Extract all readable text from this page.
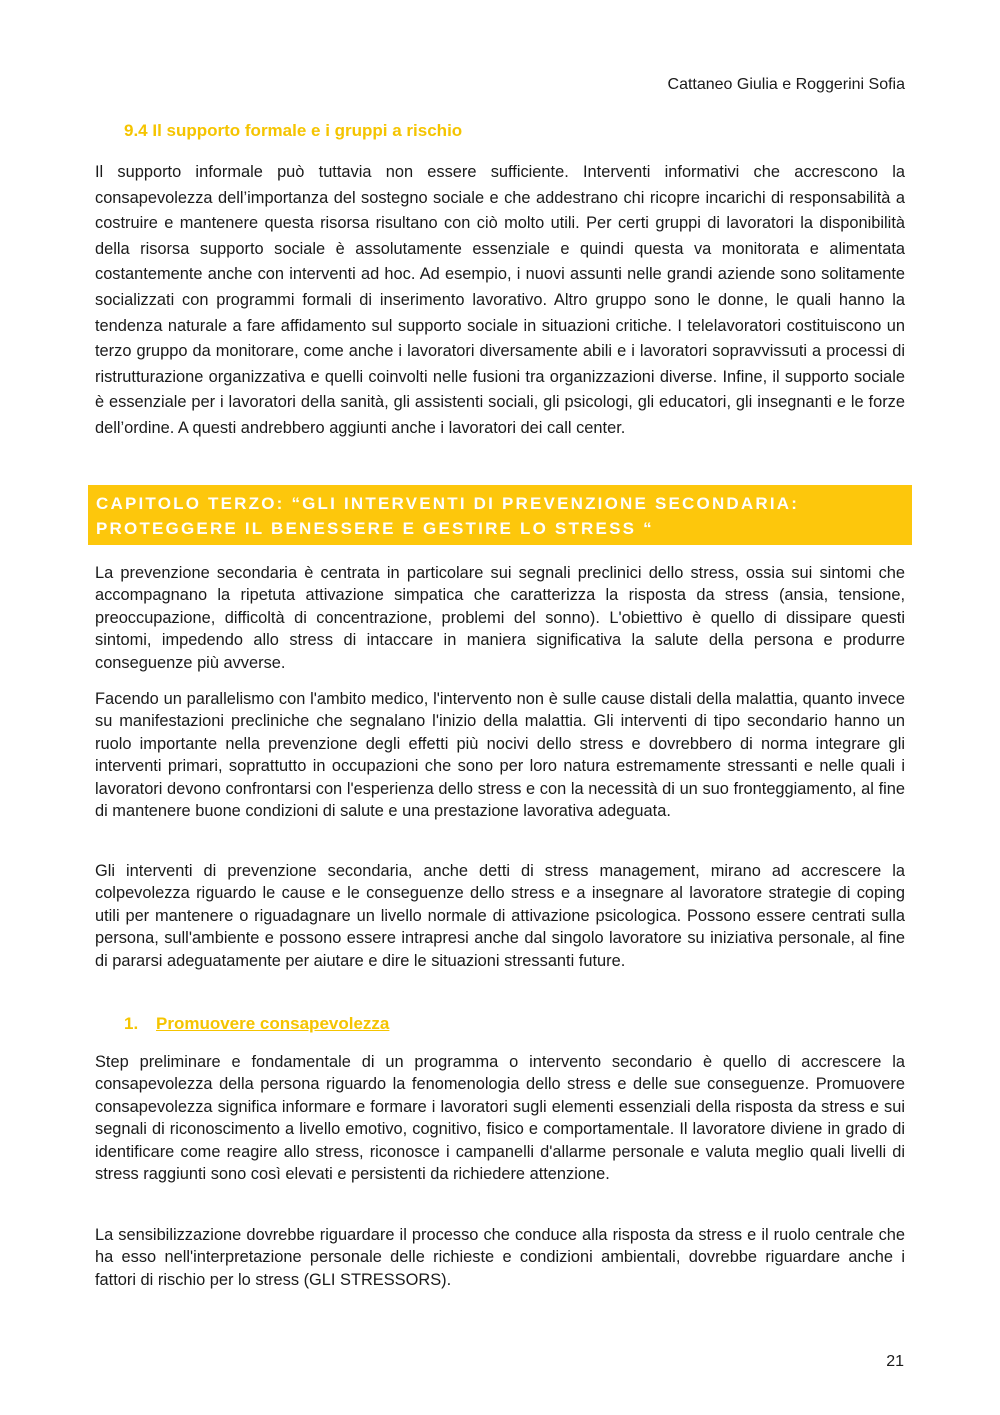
Cattaneo Giulia e Roggerini Sofia
9.4 Il supporto formale e i gruppi a rischio

Il supporto informale può tuttavia non essere sufficiente. Interventi informativi che accrescono la consapevolezza dell’importanza del sostegno sociale e che addestrano chi ricopre incarichi di responsabilità a costruire e mantenere questa risorsa risultano con ciò molto utili. Per certi gruppi di lavoratori la disponibilità della risorsa supporto sociale è assolutamente essenziale e quindi questa va monitorata e alimentata costantemente anche con interventi ad hoc. Ad esempio, i nuovi assunti nelle grandi aziende sono solitamente socializzati con programmi formali di inserimento lavorativo. Altro gruppo sono le donne, le quali hanno la tendenza naturale a fare affidamento sul supporto sociale in situazioni critiche. I telelavoratori costituiscono un terzo gruppo da monitorare, come anche i lavoratori diversamente abili e i lavoratori sopravvissuti a processi di ristrutturazione organizzativa e quelli coinvolti nelle fusioni tra organizzazioni diverse. Infine, il supporto sociale è essenziale per i lavoratori della sanità, gli assistenti sociali, gli psicologi, gli educatori, gli insegnanti e le forze dell’ordine. A questi andrebbero aggiunti anche i lavoratori dei call center.

CAPITOLO TERZO: “GLI INTERVENTI DI PREVENZIONE SECONDARIA:
PROTEGGERE IL BENESSERE E GESTIRE LO STRESS “

La prevenzione secondaria è centrata in particolare sui segnali preclinici dello stress, ossia sui sintomi che accompagnano la ripetuta attivazione simpatica che caratterizza la risposta da stress (ansia, tensione, preoccupazione, difficoltà di concentrazione, problemi del sonno). L'obiettivo è quello di dissipare questi sintomi, impedendo allo stress di intaccare in maniera significativa la salute della persona e produrre conseguenze più avverse.

Facendo un parallelismo con l'ambito medico, l'intervento non è sulle cause distali della malattia, quanto invece su manifestazioni precliniche che segnalano l'inizio della malattia. Gli interventi di tipo secondario hanno un ruolo importante nella prevenzione degli effetti più nocivi dello stress e dovrebbero di norma integrare gli interventi primari, soprattutto in occupazioni che sono per loro natura estremamente stressanti e nelle quali i lavoratori devono confrontarsi con l'esperienza dello stress e con la necessità di un suo fronteggiamento, al fine di mantenere buone condizioni di salute e una prestazione lavorativa adeguata.

Gli interventi di prevenzione secondaria, anche detti di stress management, mirano ad accrescere la colpevolezza riguardo le cause e le conseguenze dello stress e a insegnare al lavoratore strategie di coping utili per mantenere o riguadagnare un livello normale di attivazione psicologica. Possono essere centrati sulla persona, sull'ambiente e possono essere intrapresi anche dal singolo lavoratore su iniziativa personale, al fine di pararsi adeguatamente per aiutare e dire le situazioni stressanti future.

1. Promuovere consapevolezza

Step preliminare e fondamentale di un programma o intervento secondario è quello di accrescere la consapevolezza della persona riguardo la fenomenologia dello stress e delle sue conseguenze. Promuovere consapevolezza significa informare e formare i lavoratori sugli elementi essenziali della risposta da stress e sui segnali di riconoscimento a livello emotivo, cognitivo, fisico e comportamentale. Il lavoratore diviene in grado di identificare come reagire allo stress, riconosce i campanelli d'allarme personale e valuta meglio quali livelli di stress raggiunti sono così elevati e persistenti da richiedere attenzione.

La sensibilizzazione dovrebbe riguardare il processo che conduce alla risposta da stress e il ruolo centrale che ha esso nell'interpretazione personale delle richieste e condizioni ambientali, dovrebbe riguardare anche i fattori di rischio per lo stress (GLI STRESSORS).

21
